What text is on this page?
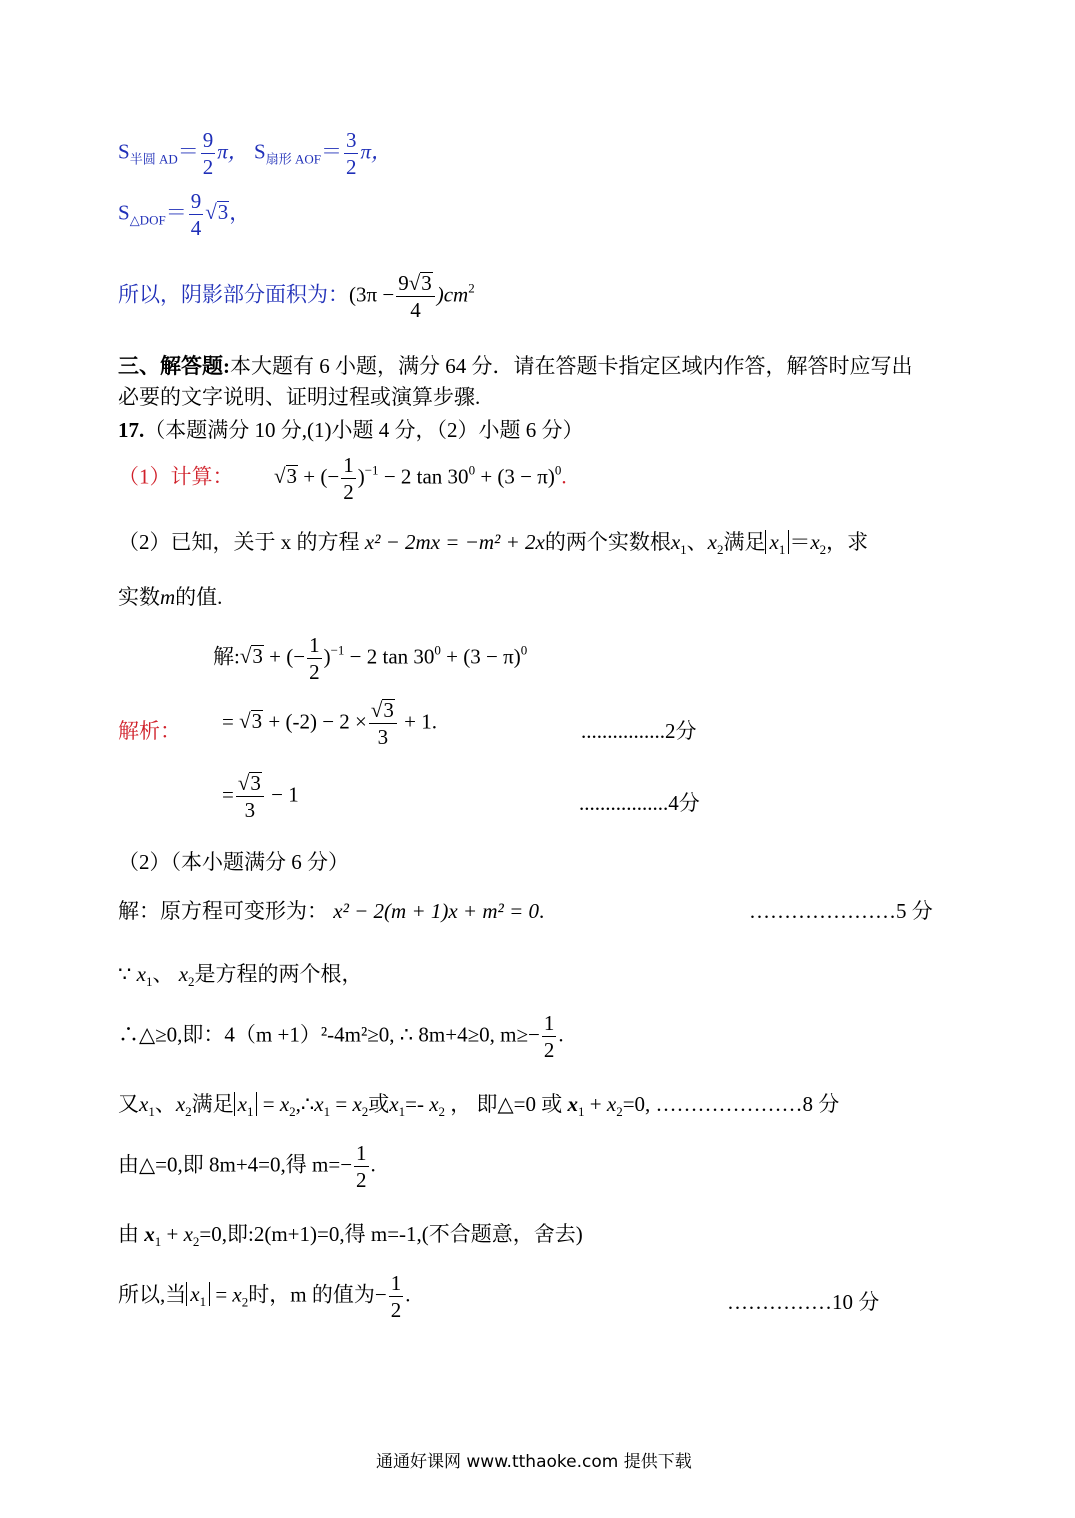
$S_{半圆 AD}= \frac{9}{2}$ π， $S_{扇形 AOF}= \frac{3}{2}$ π，
$S_{\triangle DOF}= \frac{9}{4} √3$，
所以，阴影部分面积为：$(3\pi - \frac{9√3}{4} )cm^2$
三、解答题:本大题有 6 小题，满分 64 分．请在答题卡指定区域内作答，解答时应写出
必要的文字说明、证明过程或演算步骤.
17.（本题满分 10 分,(1)小题 4 分，（2）小题 6 分）
（1）计算： √3 + (− $\frac{1}{2} )^{-1} - 2$ $\tan 30^0 + (3 - \pi)^0$.
（2）已知，关于 x 的方程 x² − 2mx = −m² + 2x的两个实数根$x_1$、$x_2$满足 $x_1 =x_2$，求
实数m的值.
解:√3 + (− $\frac{1}{2} )^{-1} - 2$ $\tan 30^0 + (3 - \pi)^0$
解析： = $√3 + (-2) - 2 \times \frac{√3}{3} + 1$.	................2分
= $\frac{√3}{3} - 1$	.................4分
（2）（本小题满分 6 分）
解：原方程可变形为： x² − 2(m + 1)x + m² = 0.	…………………5 分
∵ $x_1$、 $x_2$是方程的两个根，
∴△≥0,即：4（m +1）²-4m²≥0, ∴ 8m+4≥0, $m\ge- \frac{1}{2}$ .
又$x_1$、$x_2$满足 $x_1$ = $x_2,\therefore x_1 = x_2$或$x_1=-$ $x_2$ ， 即△=0 或 $x_1 + x_2=0$, …………………8 分
由△=0,即 8m+4=0,得 $m=- \frac{1}{2}$ .
由 $x_1 + x_2=0$,即:2(m+1)=0,得 m=-1,(不合题意，舍去)
所以,当 $x_1 = x_2$时，m 的值为− $\frac{1}{2}$ .	……………10 分
通通好课网 www.tthaoke.com 提供下载
